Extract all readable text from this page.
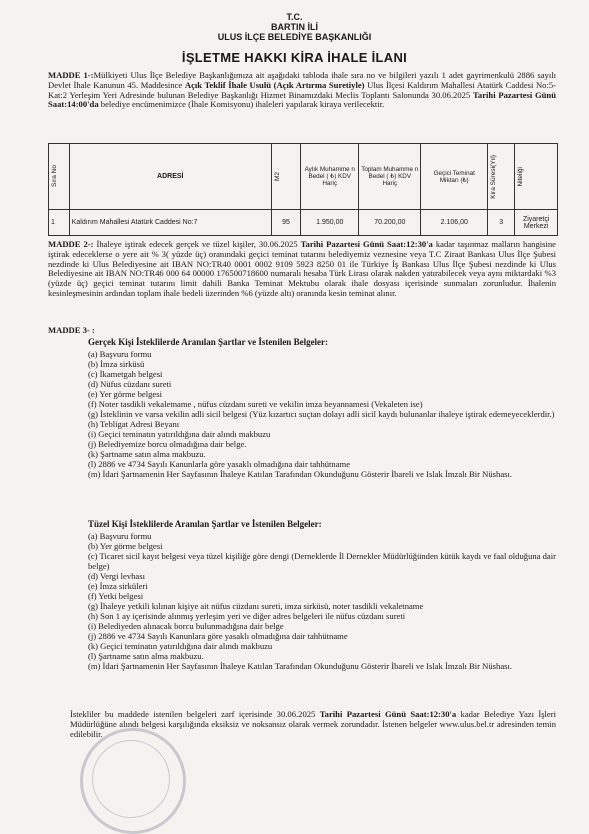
T.C.
BARTIN İLİ
ULUS İLÇE BELEDİYE BAŞKANLIĞI
İŞLETME HAKKI KİRA İHALE İLANI
MADDE 1-:Mülkiyeti Ulus İlçe Belediye Başkanlığımıza ait aşağıdaki tabloda ihale sıra no ve bilgileri yazılı 1 adet gayrimenkulü 2886 sayılı Devlet İhale Kanunun 45. Maddesince Açık Teklif İhale Usulü (Açık Artırma Suretiyle) Ulus İlçesi Kaldırım Mahallesi Atatürk Caddesi No:5-Kat:2 Yerleşim Yeri Adresinde bulunan Belediye Başkanlığı Hizmet Binamızdaki Meclis Toplantı Salonunda 30.06.2025 Tarihi Pazartesi Günü Saat:14:00'da belediye encümenimizce (İhale Komisyonu) ihaleleri yapılarak kiraya verilecektir.
Sıra No	ADRESİ	M2	Aylık Muhamme n Bedel ( ₺) KDV Hariç	Toplam Muhamme n Bedel ( ₺) KDV Hariç	Geçici Teminat Miktarı (₺)	Kira Süresi(Yıl)	Niteliği

1	Kaldırım Mahallesi Atatürk Caddesi No:7	95	1.950,00	70.200,00	2.106,00	3	Ziyaretçi Merkezi
MADDE 2-: İhaleye iştirak edecek gerçek ve tüzel kişiler, 30.06.2025 Tarihi Pazartesi Günü Saat:12:30'a kadar taşınmaz malların hangisine iştirak edeceklerse o yere ait % 3( yüzde üç) oranındaki geçici teminat tutarını belediyemiz veznesine veya T.C Ziraat Bankası Ulus İlçe Şubesi nezdinde ki Ulus Belediyesine ait IBAN NO:TR40 0001 0002 9109 5923 8250 01 ile Türkiye İş Bankası Ulus İlçe Şubesi nezdinde ki Ulus Belediyesine ait IBAN NO:TR46 000 64 00000 176500718600 numaralı hesaba Türk Lirası olarak nakden yatırabilecek veya aynı miktardaki %3 (yüzde üç) geçici teminat tutarını limit dahili Banka Teminat Mektubu olarak ihale dosyası içerisinde sunmaları zorunludur. İhalenin kesinleşmesinin ardından toplam ihale bedeli üzerinden %6 (yüzde altı) oranında kesin teminat alınır.
MADDE 3- :
Gerçek Kişi İsteklilerde Aranılan Şartlar ve İstenilen Belgeler:
(a) Başvuru formu
(b) İmza sirküsü
(c) İkametgah belgesi
(d) Nüfus cüzdanı sureti
(e) Yer görme belgesi
(f) Noter tasdikli vekaletname , nüfus cüzdanı sureti ve vekilin imza beyannamesi (Vekaleten ise)
(g) İsteklinin ve varsa vekilin adli sicil belgesi (Yüz kızartıcı suçtan dolayı adli sicil kaydı bulunanlar ihaleye iştirak edemeyeceklerdir.)
(h) Tebligat Adresi Beyanı
(i) Geçici teminatın yatırıldığına dair alındı makbuzu
(j) Belediyemize borcu olmadığına dair belge.
(k) Şartname satın alma makbuzu.
(l) 2886 ve 4734 Sayılı Kanunlarla göre yasaklı olmadığına dair tahhütname
(m) İdari Şartnamenin Her Sayfasının İhaleye Katılan Tarafından Okunduğunu Gösterir İbareli ve Islak İmzalı Bir Nüshası.
Tüzel Kişi İsteklilerde Aranılan Şartlar ve İstenilen Belgeler:
(a) Başvuru formu
(b) Yer görme belgesi
(c) Ticaret sicil kayıt belgesi veya tüzel kişiliğe göre dengi (Derneklerde İl Dernekler Müdürlüğünden kütük kaydı ve faal olduğuna dair belge)
(d) Vergi levhası
(e) İmza sirküleri
(f) Yetki belgesi
(g) İhaleye yetkili kılınan kişiye ait nüfus cüzdanı sureti, imza sirküsü, noter tasdikli vekaletname
(h) Son 1 ay içerisinde alınmış yerleşim yeri ve diğer adres belgeleri ile nüfus cüzdanı sureti
(i) Belediyeden alınacak borcu bulunmadığına dair belge
(j) 2886 ve 4734 Sayılı Kanunlara göre yasaklı olmadığına dair tahhütname
(k) Geçici teminatın yatırıldığına dair alındı makbuzu
(l) Şartname satın alma makbuzu.
(m) İdari Şartnamenin Her Sayfasının İhaleye Katılan Tarafından Okunduğunu Gösterir İbareli ve Islak İmzalı Bir Nüshası.
İstekliler bu maddede istenilen belgeleri zarf içerisinde 30.06.2025 Tarihi Pazartesi Günü Saat:12:30'a kadar Belediye Yazı İşleri Müdürlüğüne alındı belgesi karşılığında eksiksiz ve noksansız olarak vermek zorundadır. İstenen belgeler www.ulus.bel.tr adresinden temin edilebilir.
